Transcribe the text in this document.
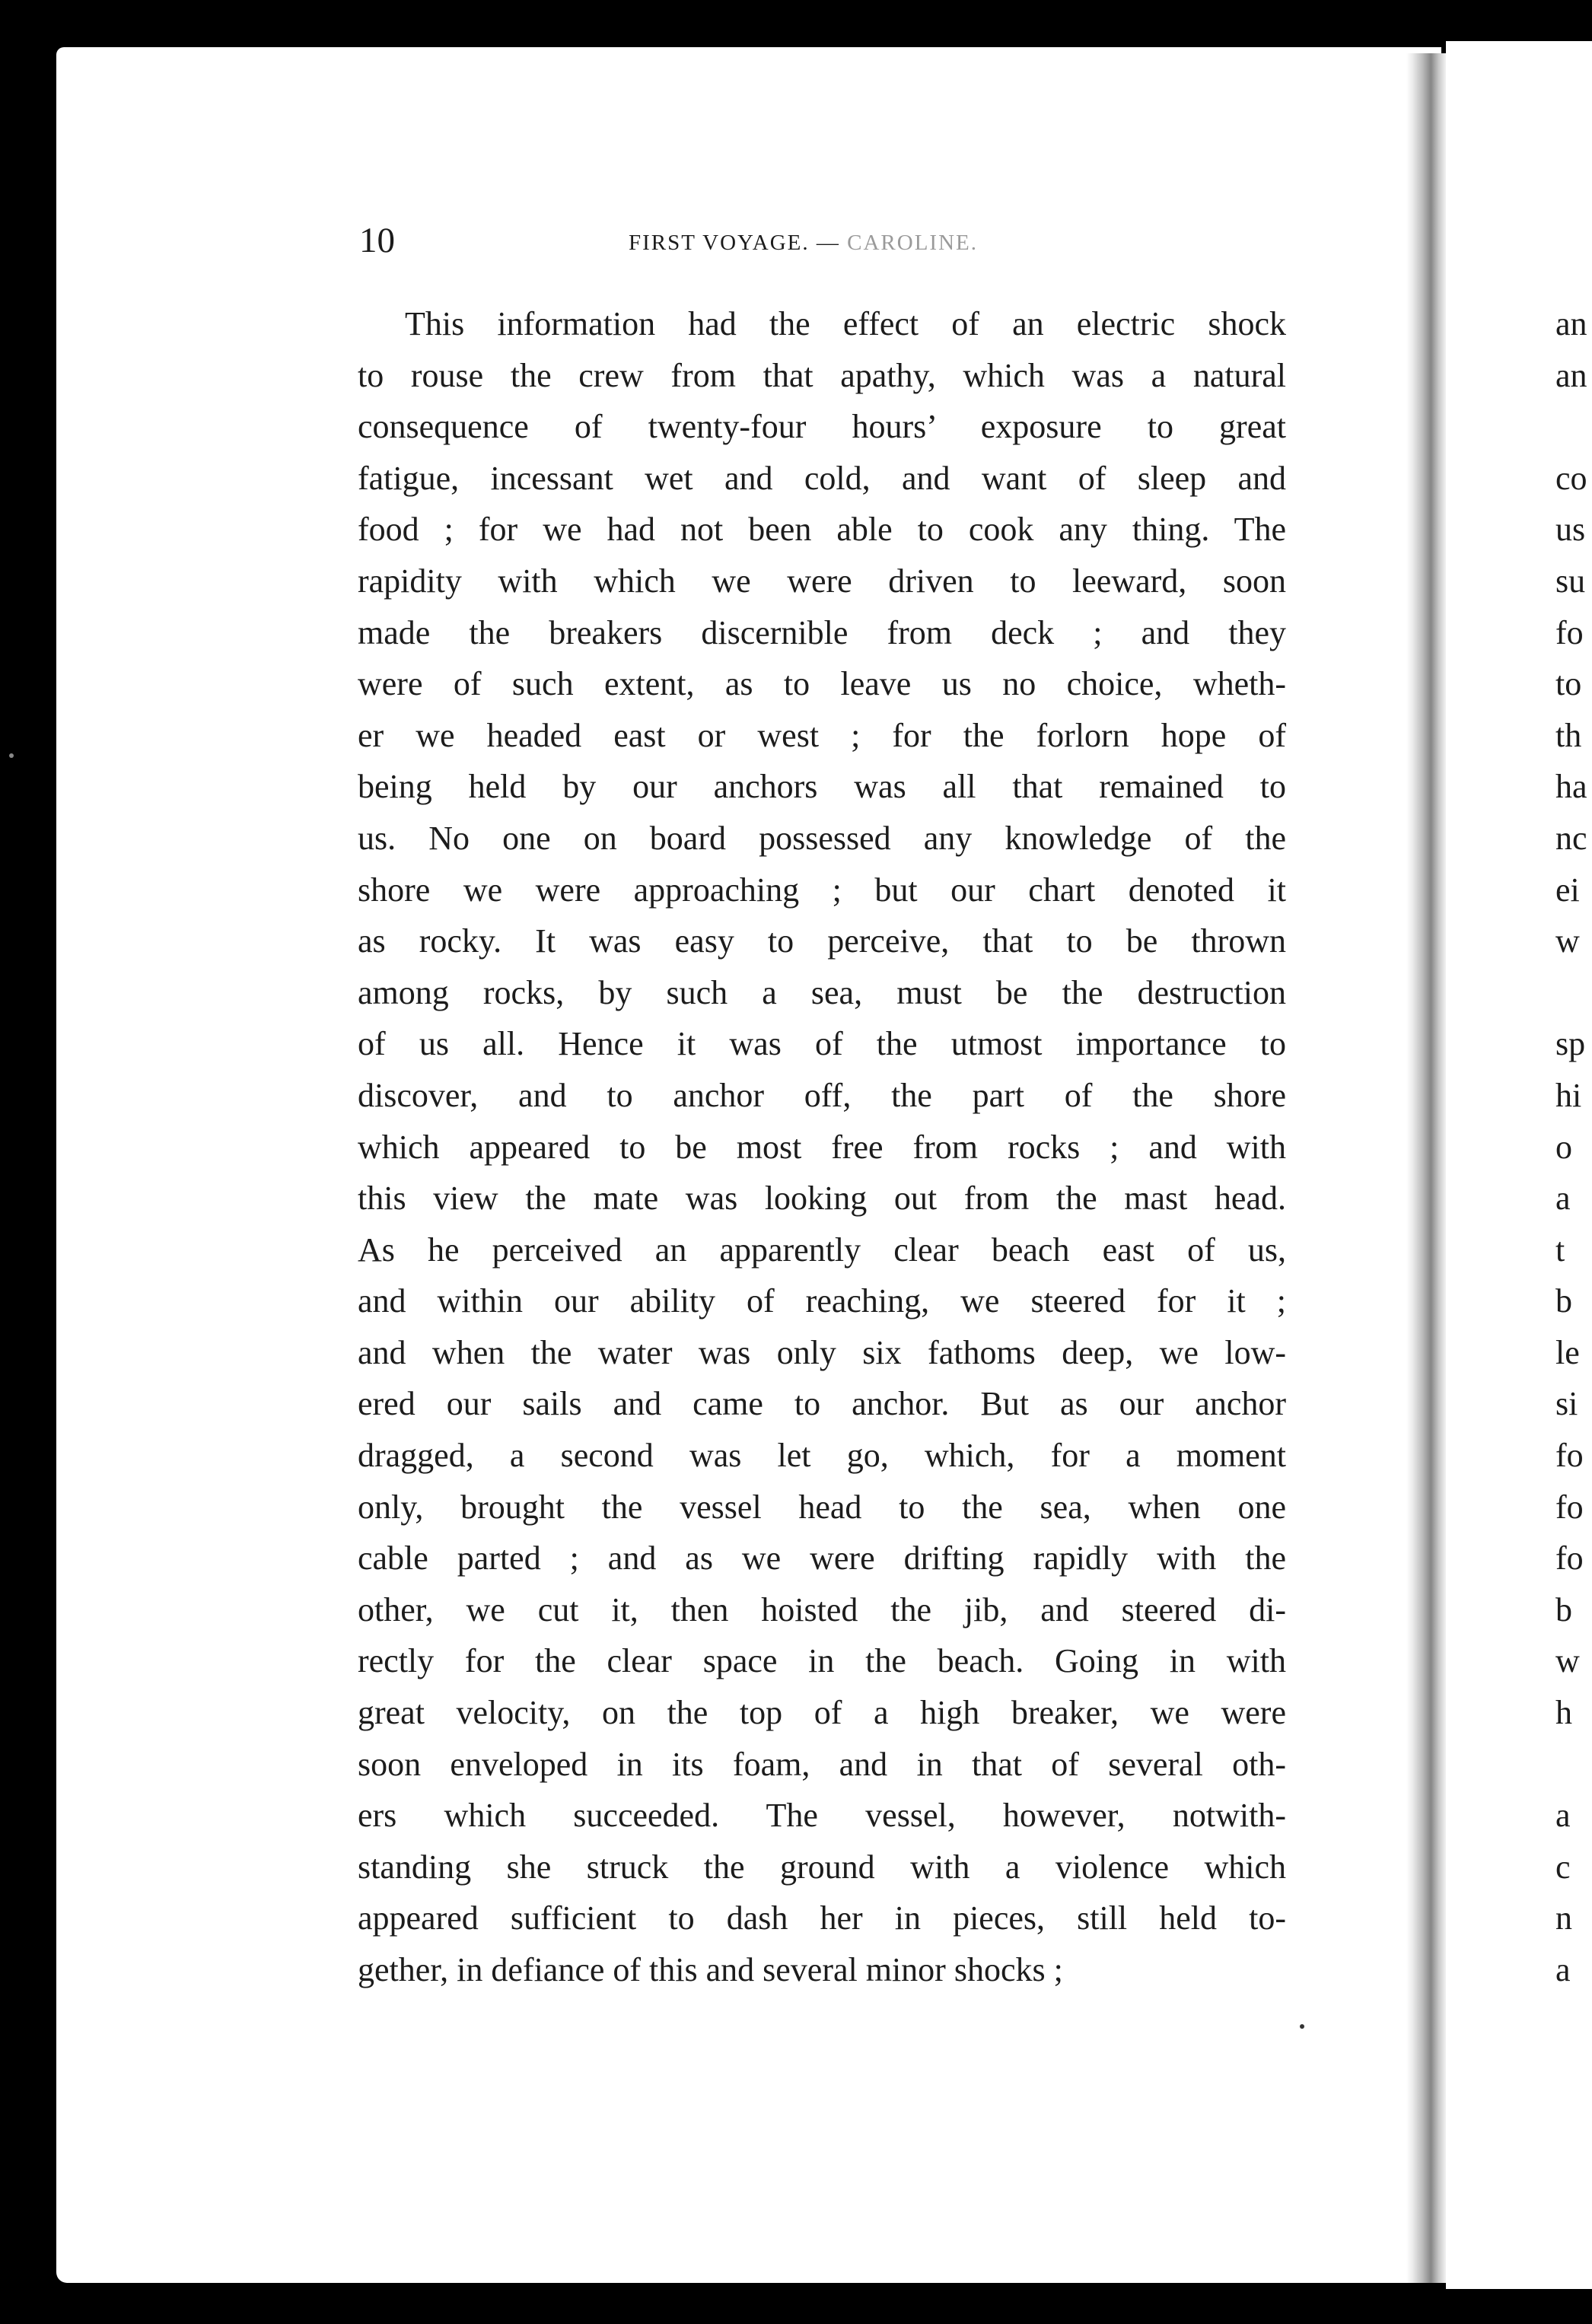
10	FIRST VOYAGE. — CAROLINE.
This information had the effect of an electric shock
to rouse the crew from that apathy, which was a natural
consequence of twenty-four hours’ exposure to great
fatigue, incessant wet and cold, and want of sleep and
food ; for we had not been able to cook any thing. The
rapidity with which we were driven to leeward, soon
made the breakers discernible from deck ; and they
were of such extent, as to leave us no choice, wheth-
er we headed east or west ; for the forlorn hope of
being held by our anchors was all that remained to
us. No one on board possessed any knowledge of the
shore we were approaching ; but our chart denoted it
as rocky. It was easy to perceive, that to be thrown
among rocks, by such a sea, must be the destruction
of us all. Hence it was of the utmost importance to
discover, and to anchor off, the part of the shore
which appeared to be most free from rocks ; and with
this view the mate was looking out from the mast head.
As he perceived an apparently clear beach east of us,
and within our ability of reaching, we steered for it ;
and when the water was only six fathoms deep, we low-
ered our sails and came to anchor. But as our anchor
dragged, a second was let go, which, for a moment
only, brought the vessel head to the sea, when one
cable parted ; and as we were drifting rapidly with the
other, we cut it, then hoisted the jib, and steered di-
rectly for the clear space in the beach. Going in with
great velocity, on the top of a high breaker, we were
soon enveloped in its foam, and in that of several oth-
ers which succeeded. The vessel, however, notwith-
standing she struck the ground with a violence which
appeared sufficient to dash her in pieces, still held to-
gether, in defiance of this and several minor shocks ;
an
an
co
us
su
fo
to
th
ha
nc
ei
w
sp
hi
o
a
t
b
le
si
fo
fo
fo
b
w
h
a
c
n
a
